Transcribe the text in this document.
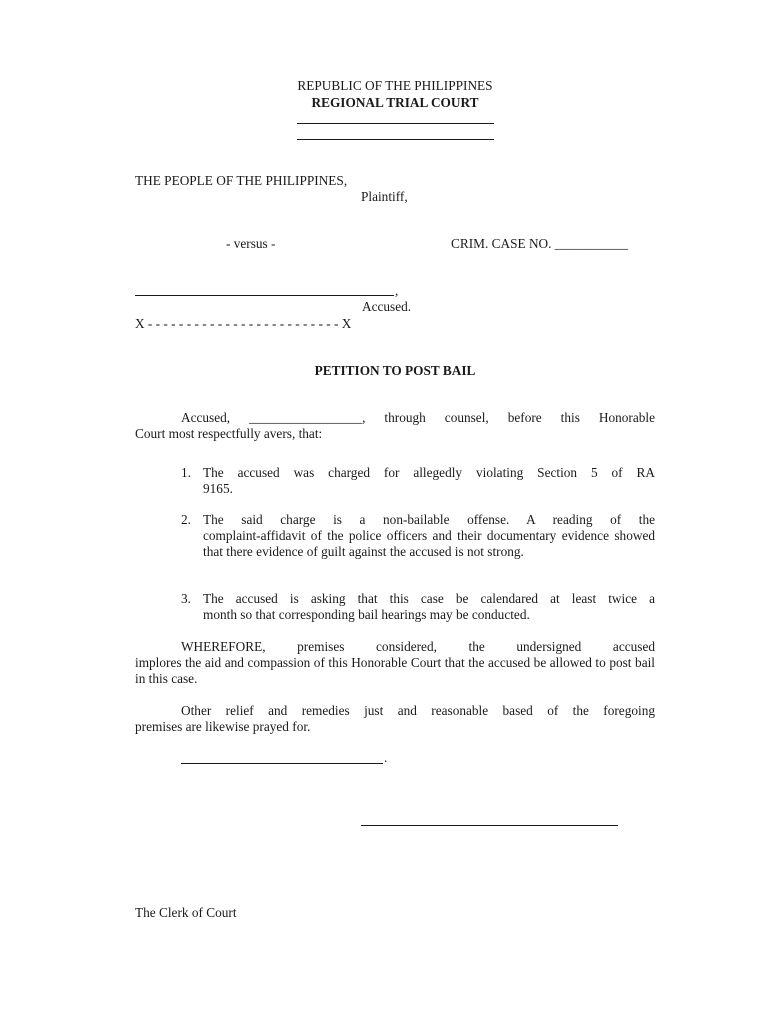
REPUBLIC OF THE PHILIPPINES
REGIONAL TRIAL COURT
THE PEOPLE OF THE PHILIPPINES,
Plaintiff,
- versus -	CRIM. CASE NO. ___________
,
Accused.
X - - - - - - - - - - - - - - - - - - - - - - - - - X
PETITION TO POST BAIL
Accused, _________________, through counsel, before this Honorable
Court most respectfully avers, that:
1. The accused was charged for allegedly violating Section 5 of RA
9165.
2. The said charge is a non-bailable offense. A reading of the
complaint-affidavit of the police officers and their documentary evidence showed that there evidence of guilt against the accused is not strong.
3. The accused is asking that this case be calendared at least twice a
month so that corresponding bail hearings may be conducted.
WHEREFORE, premises considered, the undersigned accused
implores the aid and compassion of this Honorable Court that the accused be allowed to post bail in this case.
Other relief and remedies just and reasonable based of the foregoing
premises are likewise prayed for.
.
The Clerk of Court
